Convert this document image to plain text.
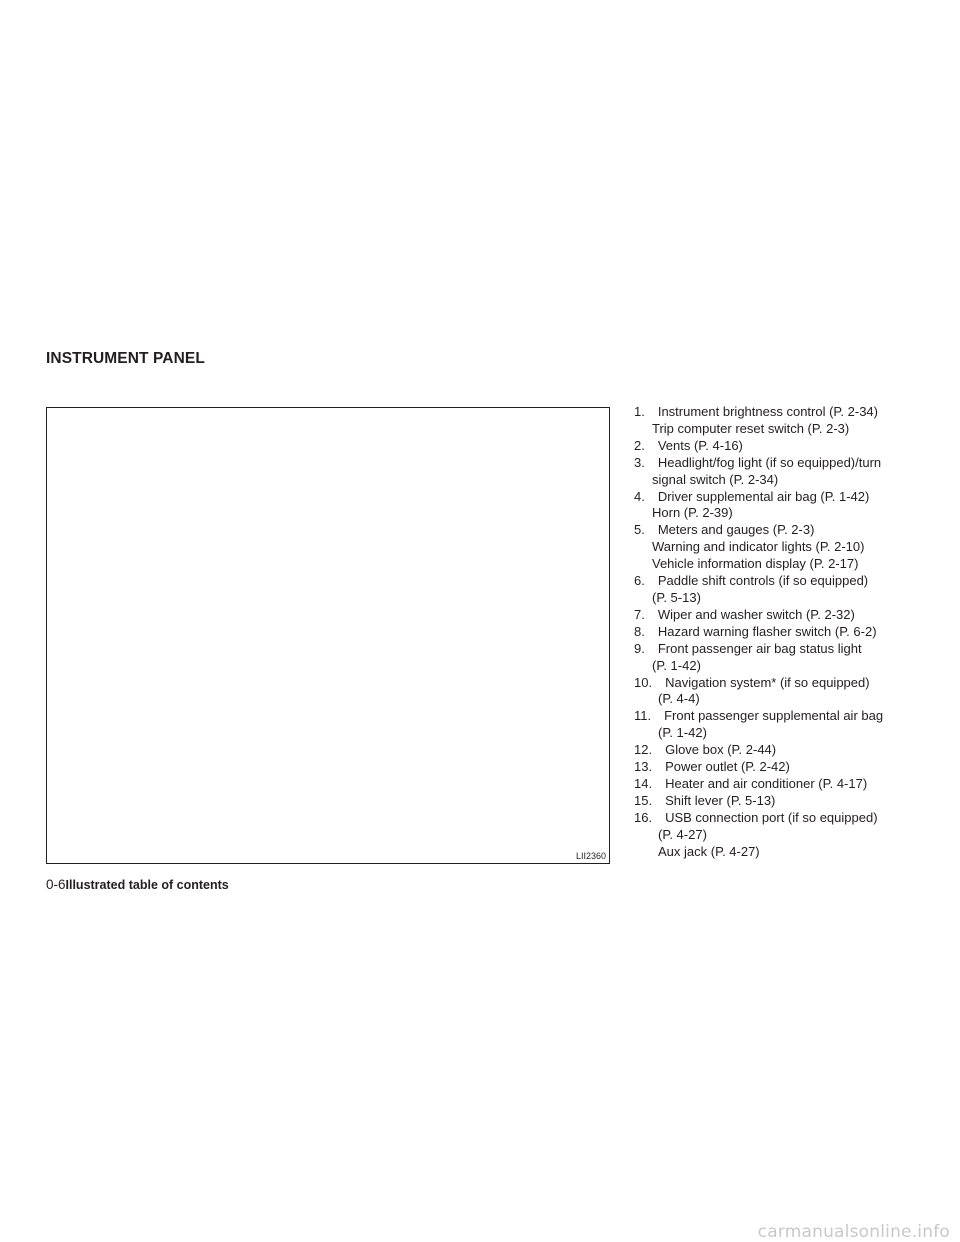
INSTRUMENT PANEL
LII2360
1.  Instrument brightness control (P. 2-34)
Trip computer reset switch (P. 2-3)
2.  Vents (P. 4-16)
3.  Headlight/fog light (if so equipped)/turn
signal switch (P. 2-34)
4.  Driver supplemental air bag (P. 1-42)
Horn (P. 2-39)
5.  Meters and gauges (P. 2-3)
Warning and indicator lights (P. 2-10)
Vehicle information display (P. 2-17)
6.  Paddle shift controls (if so equipped)
(P. 5-13)
7.  Wiper and washer switch (P. 2-32)
8.  Hazard warning flasher switch (P. 6-2)
9.  Front passenger air bag status light
(P. 1-42)
10.  Navigation system* (if so equipped)
(P. 4-4)
11.  Front passenger supplemental air bag
(P. 1-42)
12.  Glove box (P. 2-44)
13.  Power outlet (P. 2-42)
14.  Heater and air conditioner (P. 4-17)
15.  Shift lever (P. 5-13)
16.  USB connection port (if so equipped)
(P. 4-27)
Aux jack (P. 4-27)
0-6Illustrated table of contents
carmanualsonline.info
